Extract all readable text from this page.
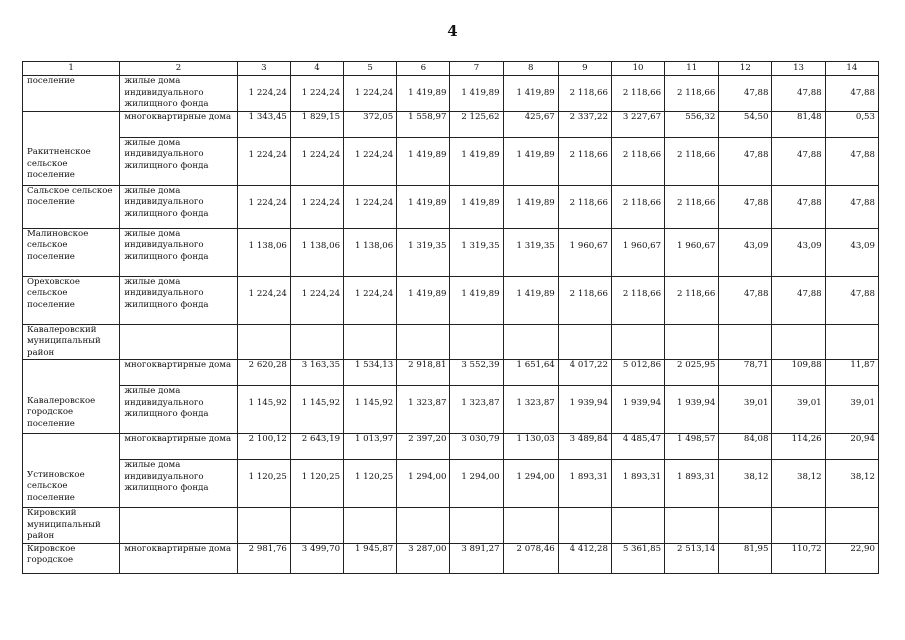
4
1	2	3	4	5	6	7	8	9	10	11	12	13	14
поселение	жилые дома индивидуального жилищного фонда	1 224,24	1 224,24	1 224,24	1 419,89	1 419,89	1 419,89	2 118,66	2 118,66	2 118,66	47,88	47,88	47,88
Ракитненское сельское поселение	многоквартирные дома	1 343,45	1 829,15	372,05	1 558,97	2 125,62	425,67	2 337,22	3 227,67	556,32	54,50	81,48	0,53
	жилые дома индивидуального жилищного фонда	1 224,24	1 224,24	1 224,24	1 419,89	1 419,89	1 419,89	2 118,66	2 118,66	2 118,66	47,88	47,88	47,88
Сальское сельское поселение	жилые дома индивидуального жилищного фонда	1 224,24	1 224,24	1 224,24	1 419,89	1 419,89	1 419,89	2 118,66	2 118,66	2 118,66	47,88	47,88	47,88
Малиновское сельское поселение	жилые дома индивидуального жилищного фонда	1 138,06	1 138,06	1 138,06	1 319,35	1 319,35	1 319,35	1 960,67	1 960,67	1 960,67	43,09	43,09	43,09
Ореховское сельское поселение	жилые дома индивидуального жилищного фонда	1 224,24	1 224,24	1 224,24	1 419,89	1 419,89	1 419,89	2 118,66	2 118,66	2 118,66	47,88	47,88	47,88
Кавалеровский муниципальный район													
Кавалеровское городское поселение	многоквартирные дома	2 620,28	3 163,35	1 534,13	2 918,81	3 552,39	1 651,64	4 017,22	5 012,86	2 025,95	78,71	109,88	11,87
	жилые дома индивидуального жилищного фонда	1 145,92	1 145,92	1 145,92	1 323,87	1 323,87	1 323,87	1 939,94	1 939,94	1 939,94	39,01	39,01	39,01
Устиновское сельское поселение	многоквартирные дома	2 100,12	2 643,19	1 013,97	2 397,20	3 030,79	1 130,03	3 489,84	4 485,47	1 498,57	84,08	114,26	20,94
	жилые дома индивидуального жилищного фонда	1 120,25	1 120,25	1 120,25	1 294,00	1 294,00	1 294,00	1 893,31	1 893,31	1 893,31	38,12	38,12	38,12
Кировский муниципальный район													
Кировское городское	многоквартирные дома	2 981,76	3 499,70	1 945,87	3 287,00	3 891,27	2 078,46	4 412,28	5 361,85	2 513,14	81,95	110,72	22,90
